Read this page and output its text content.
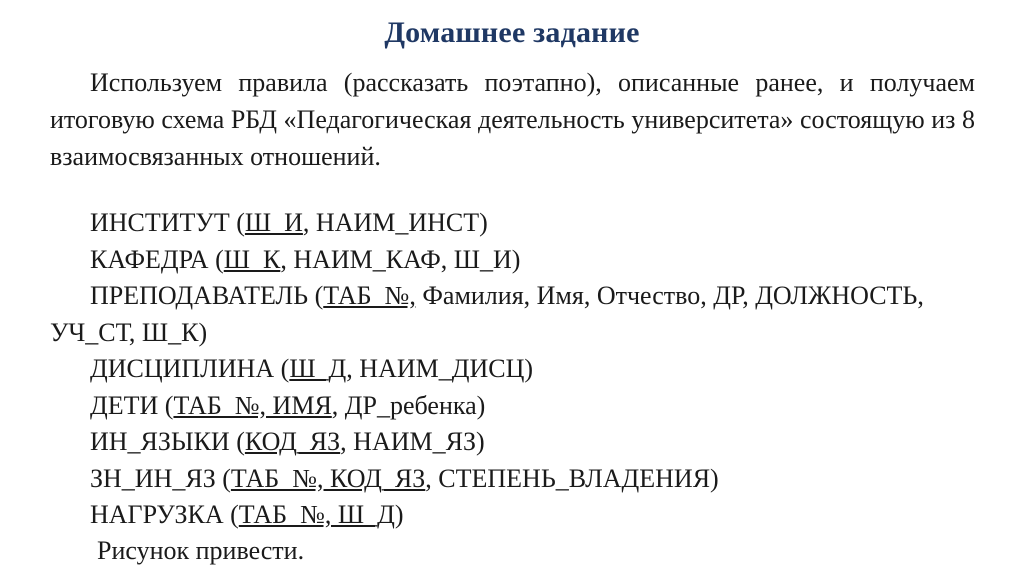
Домашнее задание
Используем правила (рассказать поэтапно), описанные ранее, и получаем итоговую схема РБД «Педагогическая деятельность университета» состоящую из 8 взаимосвязанных отношений.
ИНСТИТУТ (Ш_И, НАИМ_ИНСТ)
КАФЕДРА (Ш_К, НАИМ_КАФ, Ш_И)
ПРЕПОДАВАТЕЛЬ (ТАБ_№, Фамилия, Имя, Отчество, ДР, ДОЛЖНОСТЬ, УЧ_СТ, Ш_К)
ДИСЦИПЛИНА (Ш_Д, НАИМ_ДИСЦ)
ДЕТИ (ТАБ_№, ИМЯ, ДР_ребенка)
ИН_ЯЗЫКИ (КОД_ЯЗ, НАИМ_ЯЗ)
ЗН_ИН_ЯЗ (ТАБ_№, КОД_ЯЗ, СТЕПЕНЬ_ВЛАДЕНИЯ)
НАГРУЗКА (ТАБ_№, Ш_Д)
Рисунок привести.
